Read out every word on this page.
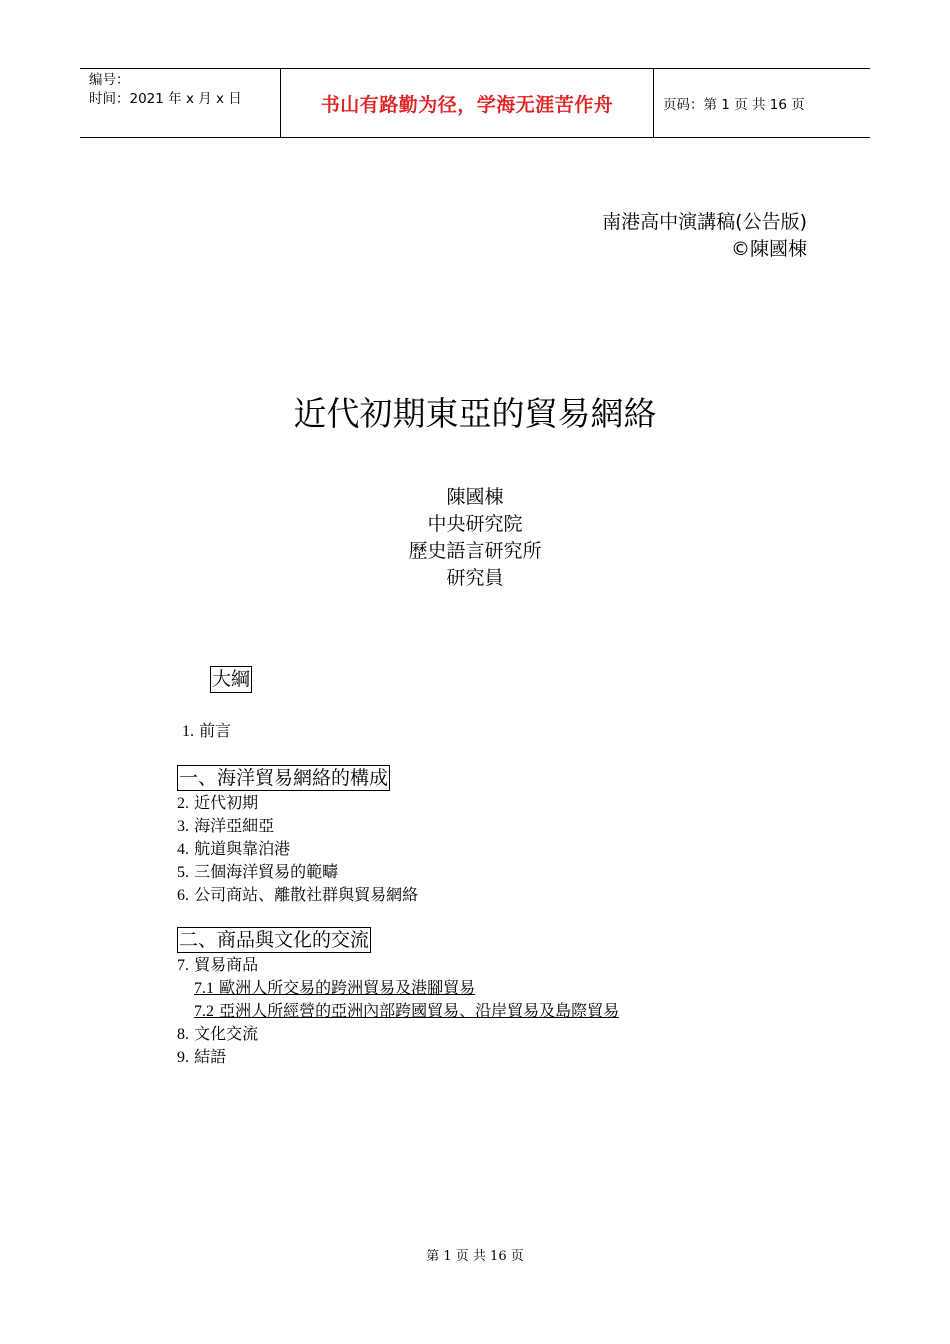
编号：
时间：2021 年 x 月 x 日	书山有路勤为径，学海无涯苦作舟	页码：第 1 页 共 16 页
南港高中演講稿(公告版)
©陳國棟
近代初期東亞的貿易網絡
陳國棟
中央研究院
歷史語言研究所
研究員
大綱
1. 前言
一、海洋貿易網絡的構成
2. 近代初期
3. 海洋亞細亞
4. 航道與靠泊港
5. 三個海洋貿易的範疇
6. 公司商站、離散社群與貿易網絡
二、商品與文化的交流
7. 貿易商品
7.1 歐洲人所交易的跨洲貿易及港腳貿易
7.2 亞洲人所經營的亞洲內部跨國貿易、沿岸貿易及島際貿易
8. 文化交流
9. 結語
第 1 页 共 16 页
